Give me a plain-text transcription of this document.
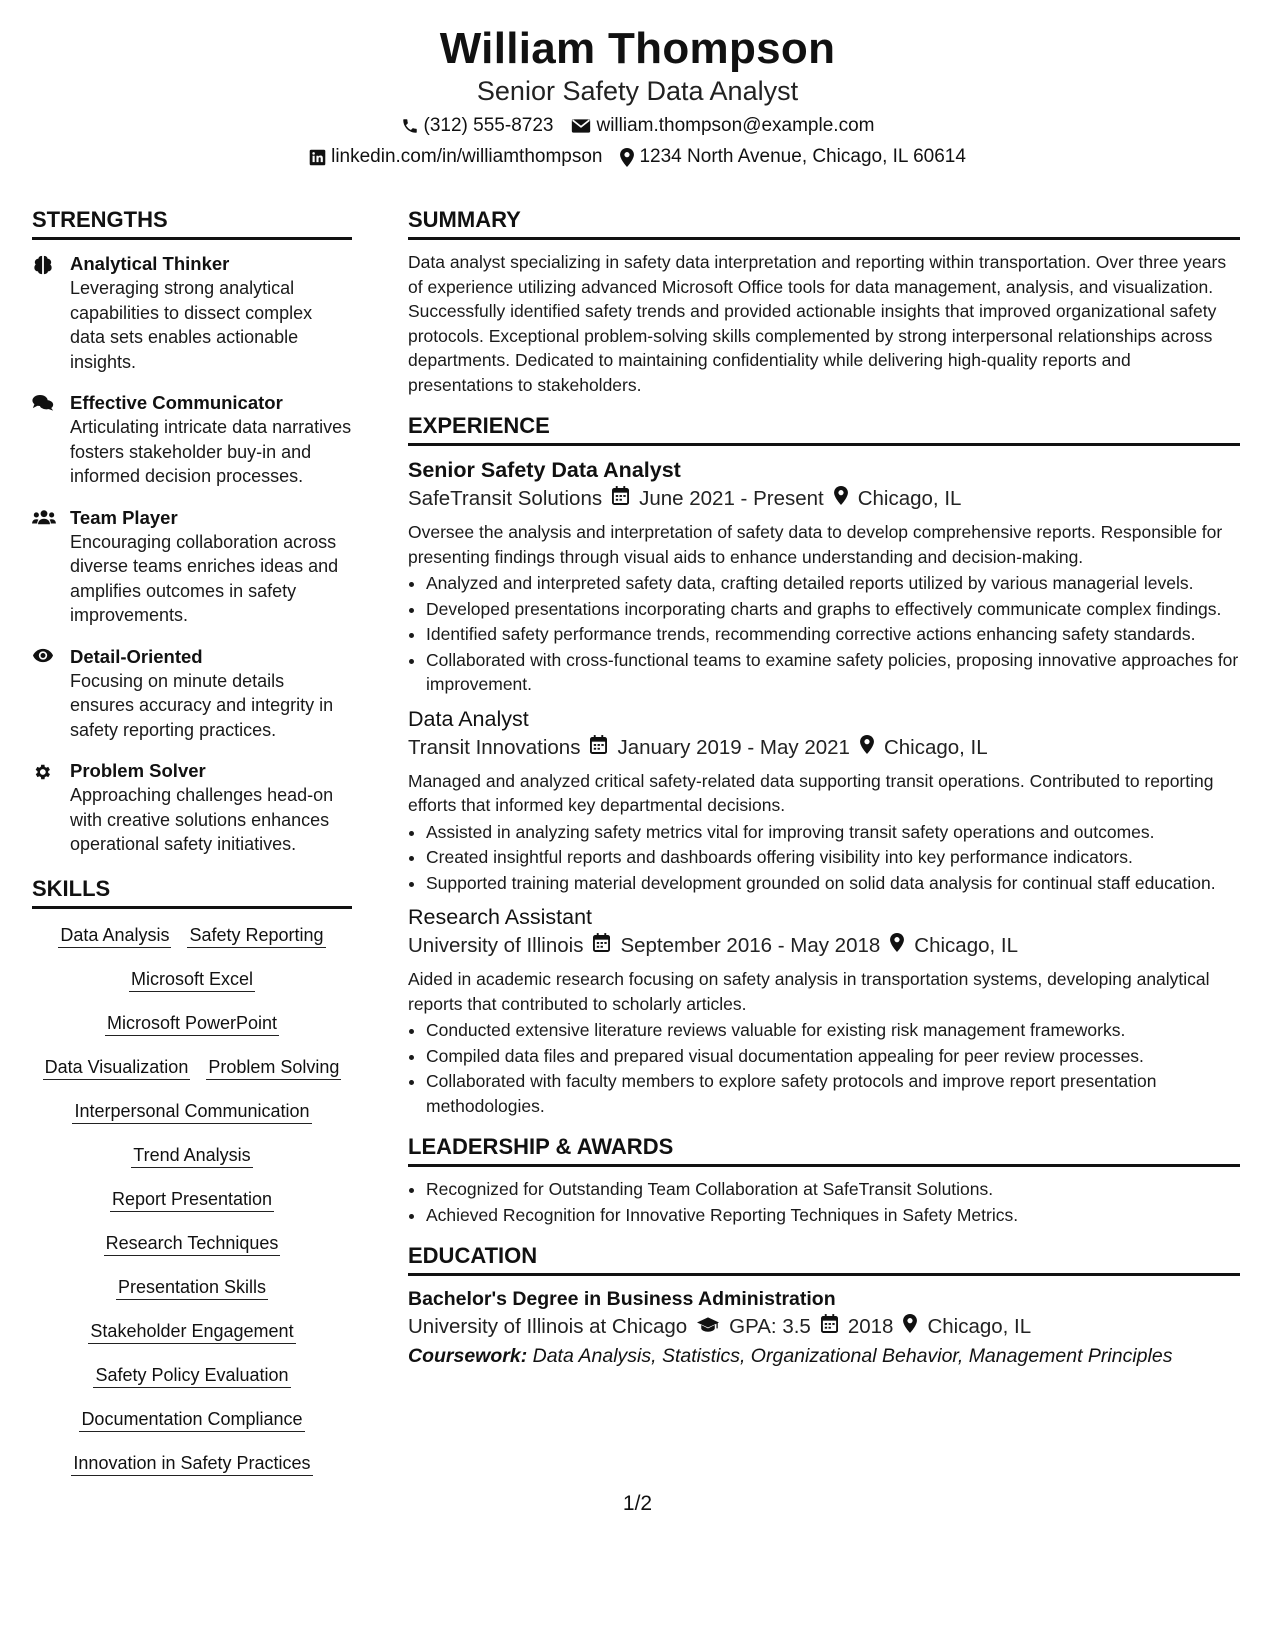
William Thompson
Senior Safety Data Analyst
(312) 555-8723 william.thompson@example.com
linkedin.com/in/williamthompson 1234 North Avenue, Chicago, IL 60614
STRENGTHS
Analytical Thinker
Leveraging strong analytical capabilities to dissect complex data sets enables actionable insights.
Effective Communicator
Articulating intricate data narratives fosters stakeholder buy-in and informed decision processes.
Team Player
Encouraging collaboration across diverse teams enriches ideas and amplifies outcomes in safety improvements.
Detail-Oriented
Focusing on minute details ensures accuracy and integrity in safety reporting practices.
Problem Solver
Approaching challenges head-on with creative solutions enhances operational safety initiatives.
SKILLS
Data Analysis Safety Reporting
Microsoft Excel
Microsoft PowerPoint
Data Visualization Problem Solving
Interpersonal Communication
Trend Analysis
Report Presentation
Research Techniques
Presentation Skills
Stakeholder Engagement
Safety Policy Evaluation
Documentation Compliance
Innovation in Safety Practices
SUMMARY
Data analyst specializing in safety data interpretation and reporting within transportation. Over three years of experience utilizing advanced Microsoft Office tools for data management, analysis, and visualization. Successfully identified safety trends and provided actionable insights that improved organizational safety protocols. Exceptional problem-solving skills complemented by strong interpersonal relationships across departments. Dedicated to maintaining confidentiality while delivering high-quality reports and presentations to stakeholders.
EXPERIENCE
Senior Safety Data Analyst
SafeTransit Solutions June 2021 - Present Chicago, IL
Oversee the analysis and interpretation of safety data to develop comprehensive reports. Responsible for presenting findings through visual aids to enhance understanding and decision-making.
• Analyzed and interpreted safety data, crafting detailed reports utilized by various managerial levels.
• Developed presentations incorporating charts and graphs to effectively communicate complex findings.
• Identified safety performance trends, recommending corrective actions enhancing safety standards.
• Collaborated with cross-functional teams to examine safety policies, proposing innovative approaches for improvement.
Data Analyst
Transit Innovations January 2019 - May 2021 Chicago, IL
Managed and analyzed critical safety-related data supporting transit operations. Contributed to reporting efforts that informed key departmental decisions.
• Assisted in analyzing safety metrics vital for improving transit safety operations and outcomes.
• Created insightful reports and dashboards offering visibility into key performance indicators.
• Supported training material development grounded on solid data analysis for continual staff education.
Research Assistant
University of Illinois September 2016 - May 2018 Chicago, IL
Aided in academic research focusing on safety analysis in transportation systems, developing analytical reports that contributed to scholarly articles.
• Conducted extensive literature reviews valuable for existing risk management frameworks.
• Compiled data files and prepared visual documentation appealing for peer review processes.
• Collaborated with faculty members to explore safety protocols and improve report presentation methodologies.
LEADERSHIP & AWARDS
• Recognized for Outstanding Team Collaboration at SafeTransit Solutions.
• Achieved Recognition for Innovative Reporting Techniques in Safety Metrics.
EDUCATION
Bachelor's Degree in Business Administration
University of Illinois at Chicago GPA: 3.5 2018 Chicago, IL
Coursework: Data Analysis, Statistics, Organizational Behavior, Management Principles
1/2
